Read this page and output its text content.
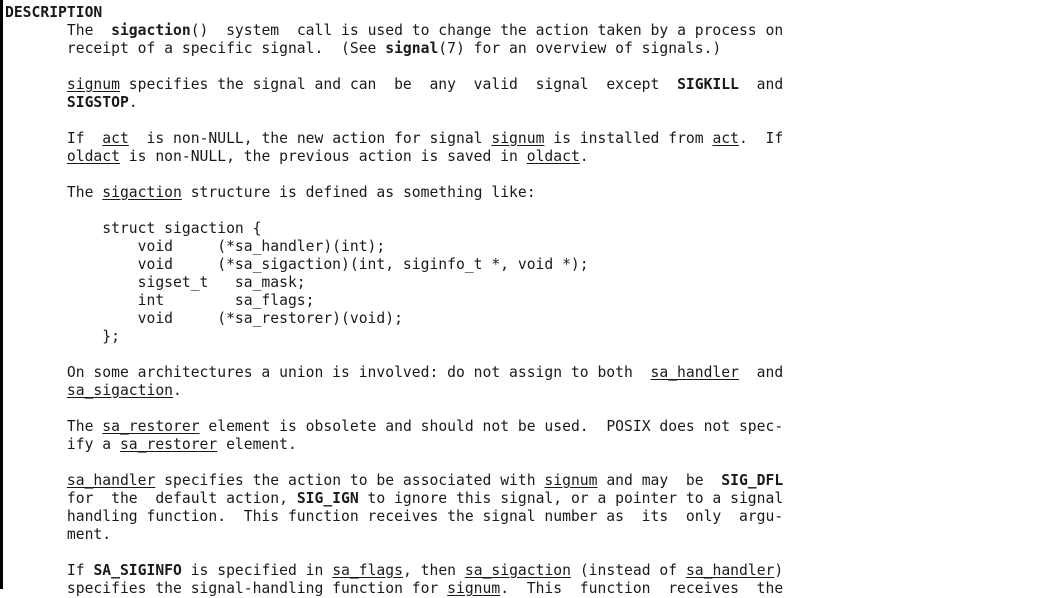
DESCRIPTION
The  sigaction()  system  call is used to change the action taken by a process on
receipt of a specific signal.  (See signal(7) for an overview of signals.)

signum specifies the signal and can  be  any  valid  signal  except  SIGKILL  and
SIGSTOP.

If  act  is non-NULL, the new action for signal signum is installed from act.  If
oldact is non-NULL, the previous action is saved in oldact.

The sigaction structure is defined as something like:

struct sigaction {
void     (*sa_handler)(int);
void     (*sa_sigaction)(int, siginfo_t *, void *);
sigset_t   sa_mask;
int        sa_flags;
void     (*sa_restorer)(void);
};

On some architectures a union is involved: do not assign to both  sa_handler  and
sa_sigaction.

The sa_restorer element is obsolete and should not be used.  POSIX does not spec-
ify a sa_restorer element.

sa_handler specifies the action to be associated with signum and may  be  SIG_DFL
for  the  default action, SIG_IGN to ignore this signal, or a pointer to a signal
handling function.  This function receives the signal number as  its  only  argu-
ment.

If SA_SIGINFO is specified in sa_flags, then sa_sigaction (instead of sa_handler)
specifies the signal-handling function for signum.  This  function  receives  the
